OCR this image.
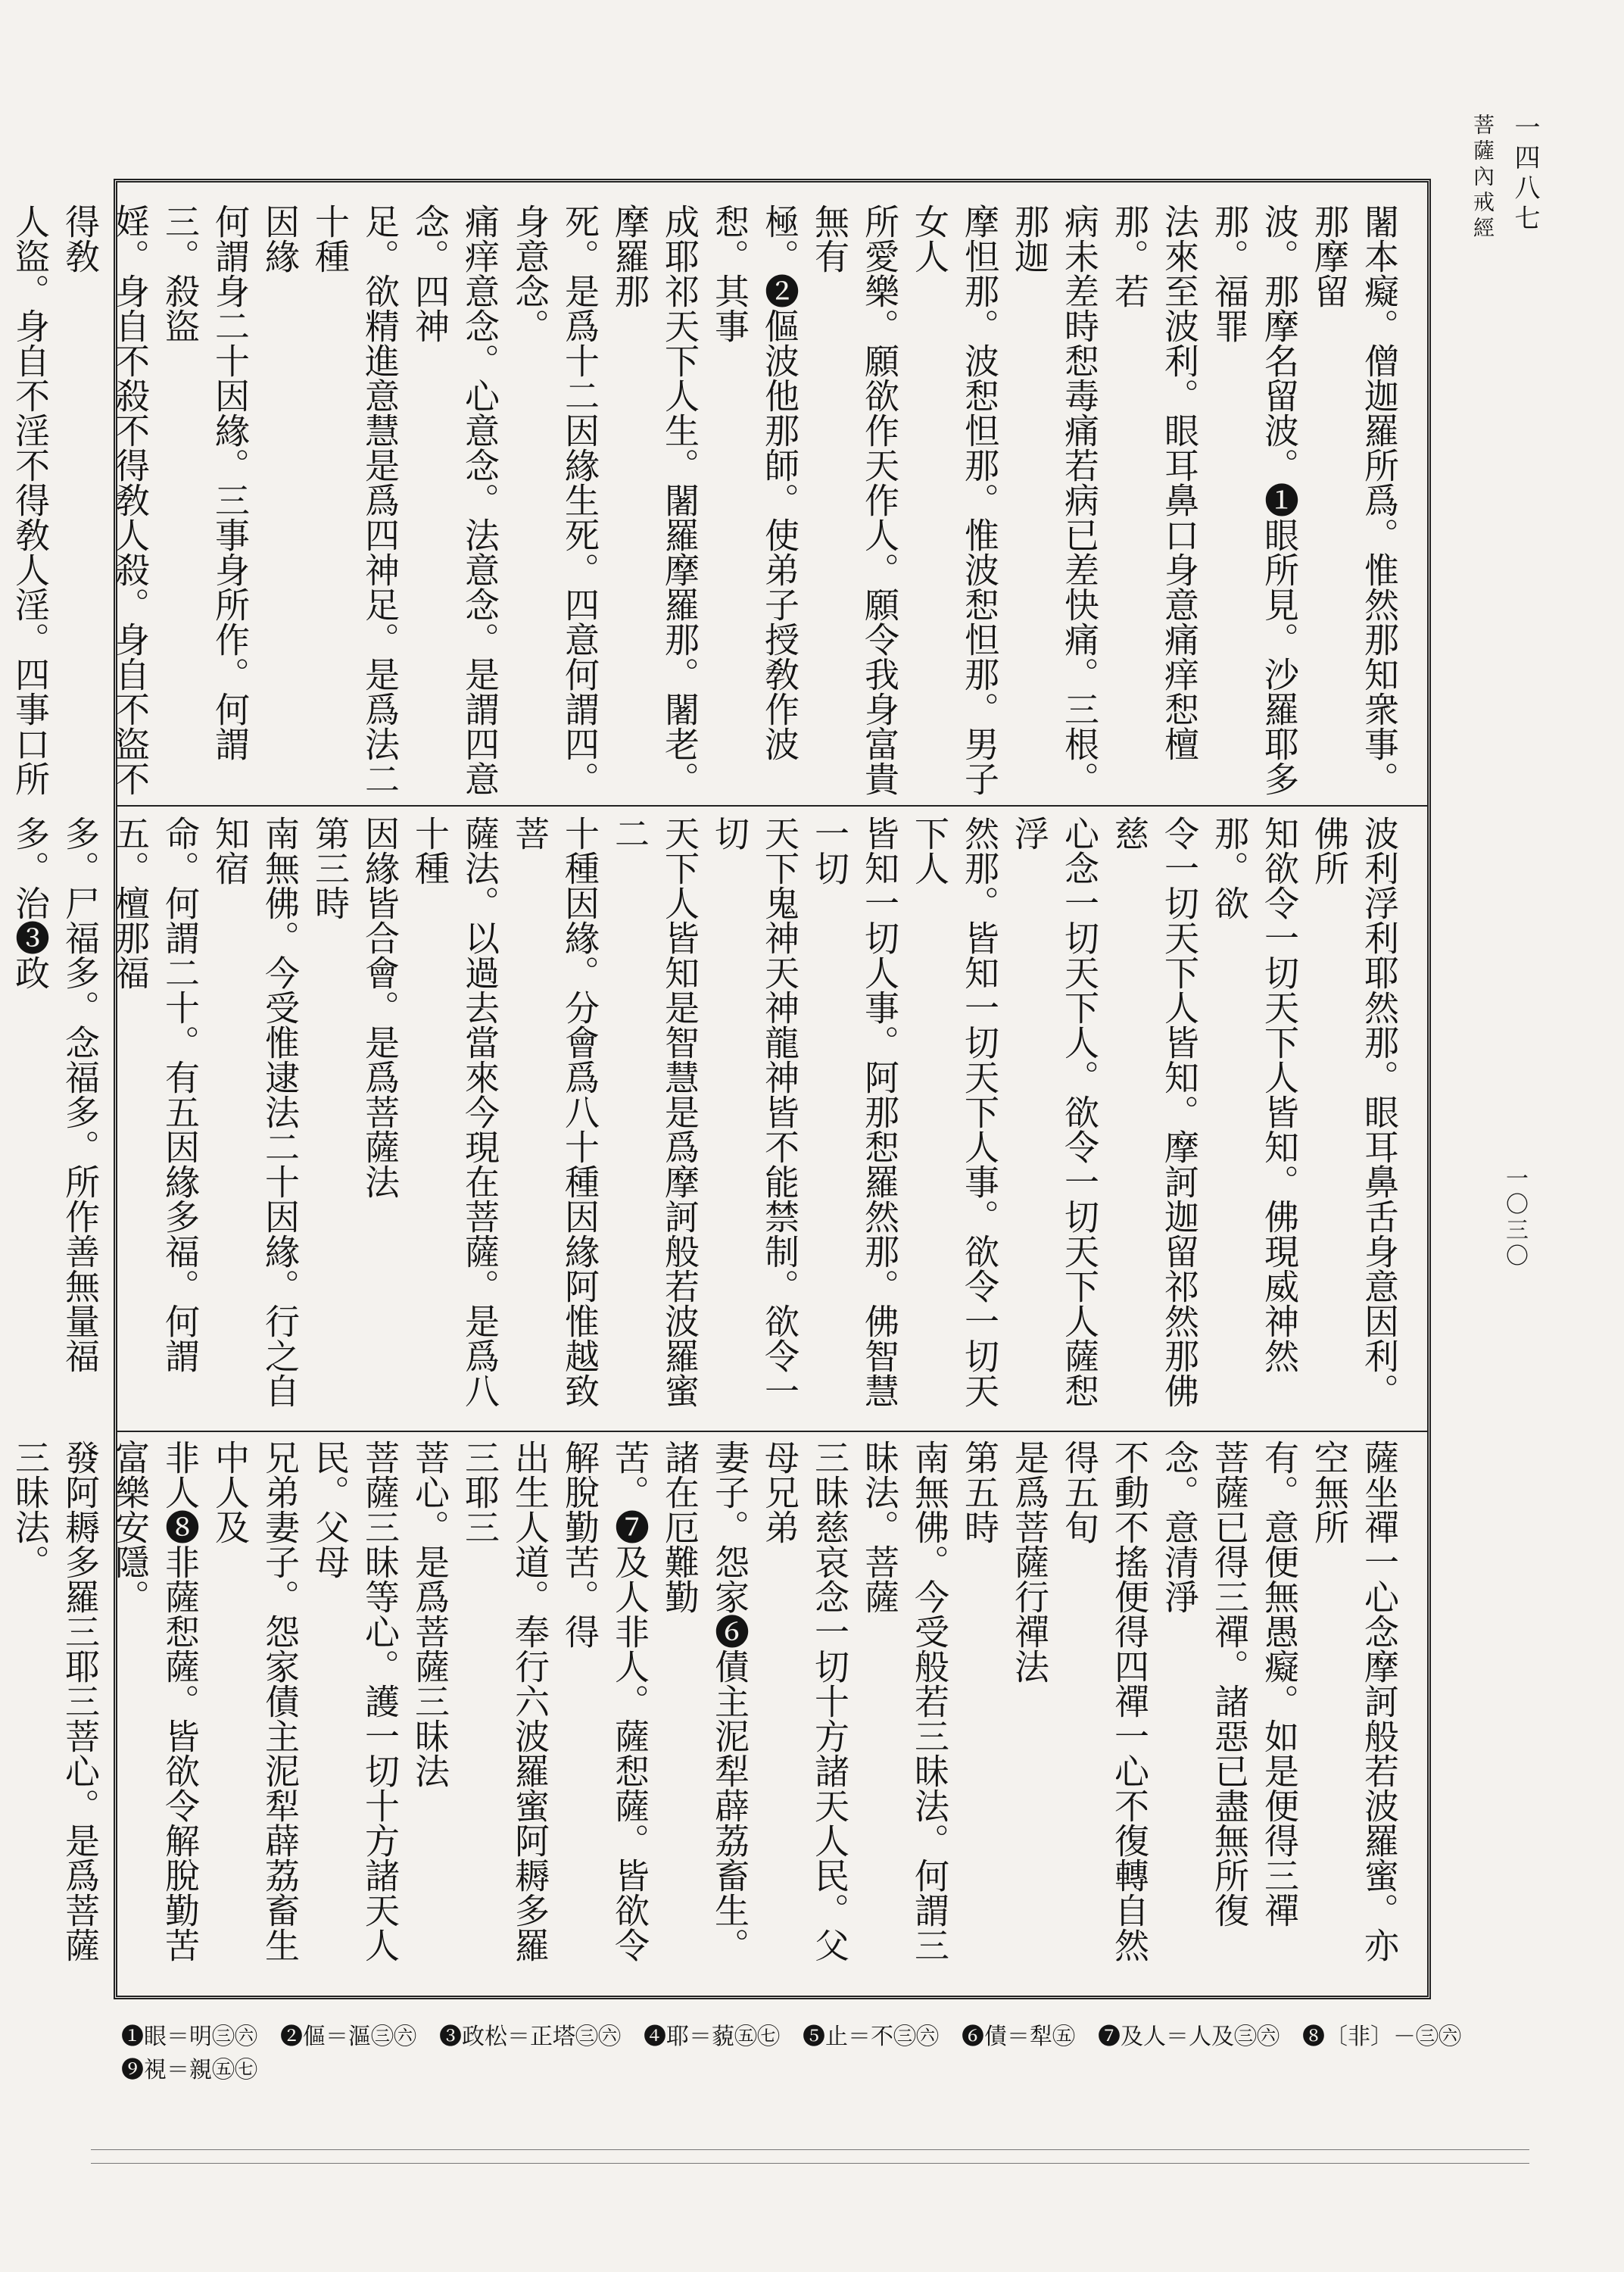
一四八七
菩薩內戒經
一〇三〇
闍本癡。僧迦羅所爲。惟然那知衆事。那摩留
波。那摩名留波。❶眼所見。沙羅耶多那。福罪
法來至波利。眼耳鼻口身意痛痒惒檀那。若
病未差時惒毒痛若病已差快痛。三根。那迦
摩怛那。波惒怛那。惟波惒怛那。男子女人
所愛樂。願欲作天作人。願令我身富貴無有
極。❷傴波他那師。使弟子授敎作波惒。其事
成耶祁天下人生。闍羅摩羅那。闍老。摩羅那
死。是爲十二因緣生死。四意何謂四。身意念。
痛痒意念。心意念。法意念。是謂四意念。四神
足。欲精進意慧是爲四神足。是爲法二十種
因緣
何謂身二十因緣。三事身所作。何謂三。殺盜
婬。身自不殺不得敎人殺。身自不盜不得敎
人盜。身自不淫不得敎人淫。四事口所
波利浮利耶然那。眼耳鼻舌身意因利。佛所
知欲令一切天下人皆知。佛現威神然那。欲
令一切天下人皆知。摩訶迦留祁然那佛慈
心念一切天下人。欲令一切天下人薩惒浮
然那。皆知一切天下人事。欲令一切天下人
皆知一切人事。阿那惒羅然那。佛智慧一切
天下鬼神天神龍神皆不能禁制。欲令一切
天下人皆知是智慧是爲摩訶般若波羅蜜二
十種因緣。分會爲八十種因緣阿惟越致菩
薩法。以過去當來今現在菩薩。是爲八十種
因緣皆合會。是爲菩薩法
第三時
南無佛。今受惟逮法二十因緣。行之自知宿
命。何謂二十。有五因緣多福。何謂五。檀那福
多。尸福多。念福多。所作善無量福多。治❸政
薩坐禪一心念摩訶般若波羅蜜。亦空無所
有。意便無愚癡。如是便得三禪
菩薩已得三禪。諸惡已盡無所復念。意清淨
不動不搖便得四禪一心不復轉自然得五旬
是爲菩薩行禪法
第五時
南無佛。今受般若三昧法。何謂三昧法。菩薩
三昧慈哀念一切十方諸天人民。父母兄弟
妻子。怨家❻債主泥犁薜荔畜生。諸在厄難勤
苦。❼及人非人。薩惒薩。皆欲令解脫勤苦。得
出生人道。奉行六波羅蜜阿耨多羅三耶三
菩心。是爲菩薩三昧法
菩薩三昧等心。護一切十方諸天人民。父母
兄弟妻子。怨家債主泥犁薜荔畜生中人及
非人❽非薩惒薩。皆欲令解脫勤苦富樂安隱。
發阿耨多羅三耶三菩心。是爲菩薩三昧法。
❶眼＝明㊂㊅　❷傴＝漚㊂㊅　❸政松＝正塔㊂㊅　❹耶＝藐㊄㊆　❺止＝不㊂㊅　❻債＝犁㊄　❼及人＝人及㊂㊅　❽〔非〕－㊂㊅　❾視＝親㊄㊆
